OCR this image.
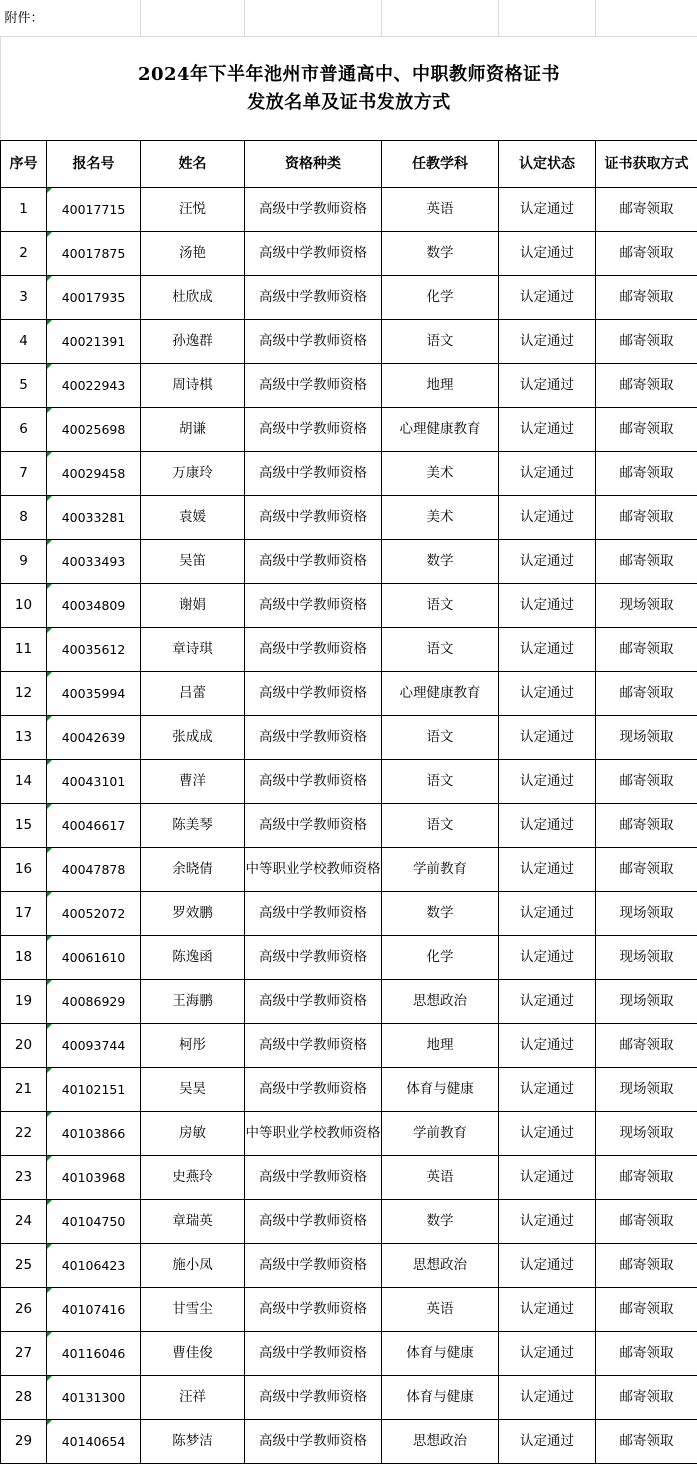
附件：						

2024年下半年池州市普通高中、中职教师资格证书
发放名单及证书发放方式						

序号	报名号	姓名	资格种类	任教学科	认定状态	证书获取方式
1	40017715	汪悦	高级中学教师资格	英语	认定通过	邮寄领取
2	40017875	汤艳	高级中学教师资格	数学	认定通过	邮寄领取
3	40017935	杜欣成	高级中学教师资格	化学	认定通过	邮寄领取
4	40021391	孙逸群	高级中学教师资格	语文	认定通过	邮寄领取
5	40022943	周诗棋	高级中学教师资格	地理	认定通过	邮寄领取
6	40025698	胡谦	高级中学教师资格	心理健康教育	认定通过	邮寄领取
7	40029458	万康玲	高级中学教师资格	美术	认定通过	邮寄领取
8	40033281	袁媛	高级中学教师资格	美术	认定通过	邮寄领取
9	40033493	吴笛	高级中学教师资格	数学	认定通过	邮寄领取
10	40034809	谢娟	高级中学教师资格	语文	认定通过	现场领取
11	40035612	章诗琪	高级中学教师资格	语文	认定通过	邮寄领取
12	40035994	吕蕾	高级中学教师资格	心理健康教育	认定通过	邮寄领取
13	40042639	张成成	高级中学教师资格	语文	认定通过	现场领取
14	40043101	曹洋	高级中学教师资格	语文	认定通过	邮寄领取
15	40046617	陈美琴	高级中学教师资格	语文	认定通过	邮寄领取
16	40047878	余晓倩	中等职业学校教师资格	学前教育	认定通过	邮寄领取
17	40052072	罗效鹏	高级中学教师资格	数学	认定通过	现场领取
18	40061610	陈逸函	高级中学教师资格	化学	认定通过	现场领取
19	40086929	王海鹏	高级中学教师资格	思想政治	认定通过	现场领取
20	40093744	柯彤	高级中学教师资格	地理	认定通过	邮寄领取
21	40102151	吴昊	高级中学教师资格	体育与健康	认定通过	现场领取
22	40103866	房敏	中等职业学校教师资格	学前教育	认定通过	现场领取
23	40103968	史燕玲	高级中学教师资格	英语	认定通过	邮寄领取
24	40104750	章瑞英	高级中学教师资格	数学	认定通过	邮寄领取
25	40106423	施小凤	高级中学教师资格	思想政治	认定通过	邮寄领取
26	40107416	甘雪尘	高级中学教师资格	英语	认定通过	邮寄领取
27	40116046	曹佳俊	高级中学教师资格	体育与健康	认定通过	邮寄领取
28	40131300	汪祥	高级中学教师资格	体育与健康	认定通过	邮寄领取
29	40140654	陈梦洁	高级中学教师资格	思想政治	认定通过	邮寄领取
